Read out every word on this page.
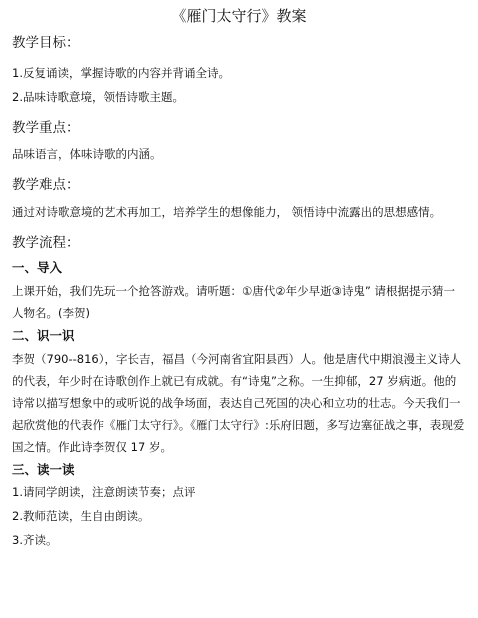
《雁门太守行》教案
教学目标：

1.反复诵读，掌握诗歌的内容并背诵全诗。

2.品味诗歌意境，领悟诗歌主题。

教学重点：

品味语言，体味诗歌的内涵。

教学难点：

通过对诗歌意境的艺术再加工，培养学生的想像能力， 领悟诗中流露出的思想感情。

教学流程：
一、导入

上课开始，我们先玩一个抢答游戏。请听题：①唐代②年少早逝③诗鬼” 请根据提示猜一人物名。(李贺)

二、识一识

李贺（790--816），字长吉，福昌（今河南省宜阳县西）人。他是唐代中期浪漫主义诗人的代表，年少时在诗歌创作上就已有成就。有“诗鬼”之称。一生抑郁，27 岁病逝。他的诗常以描写想象中的或听说的战争场面，表达自己死国的决心和立功的壮志。今天我们一起欣赏他的代表作《雁门太守行》。《雁门太守行》:乐府旧题，多写边塞征战之事，表现爱国之情。作此诗李贺仅 17 岁。

三、读一读

1.请同学朗读，注意朗读节奏；点评

2.教师范读，生自由朗读。

3.齐读。
